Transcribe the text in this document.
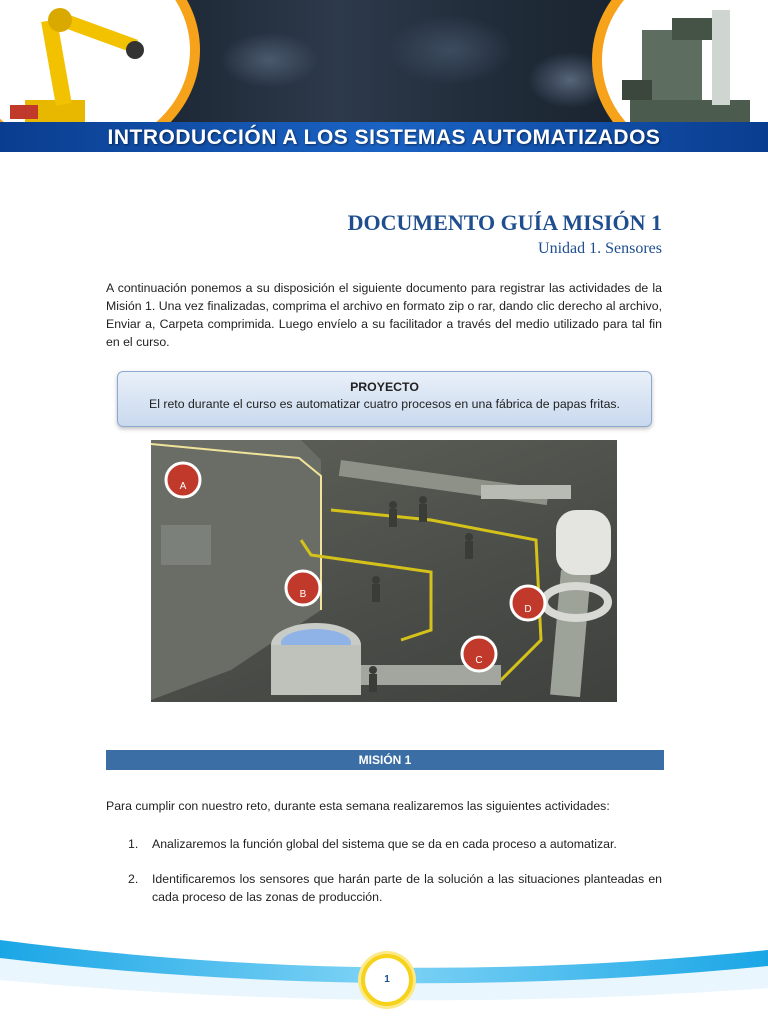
INTRODUCCIÓN A LOS SISTEMAS AUTOMATIZADOS
DOCUMENTO GUÍA MISIÓN 1
Unidad 1. Sensores
A continuación ponemos a su disposición el siguiente documento para registrar las actividades de la Misión 1. Una vez finalizadas, comprima el archivo en formato zip o rar, dando clic derecho al archivo, Enviar a, Carpeta comprimida. Luego envíelo a su facilitador a través del medio utilizado para tal fin en el curso.
PROYECTO
El reto durante el curso es automatizar cuatro procesos en una fábrica de papas fritas.
A
B
C
D
MISIÓN 1
Para cumplir con nuestro reto, durante esta semana realizaremos las siguientes actividades:
1. Analizaremos la función global del sistema que se da en cada proceso a automatizar.
2. Identificaremos los sensores que harán parte de la solución a las situaciones planteadas en cada proceso de las zonas de producción.
1
